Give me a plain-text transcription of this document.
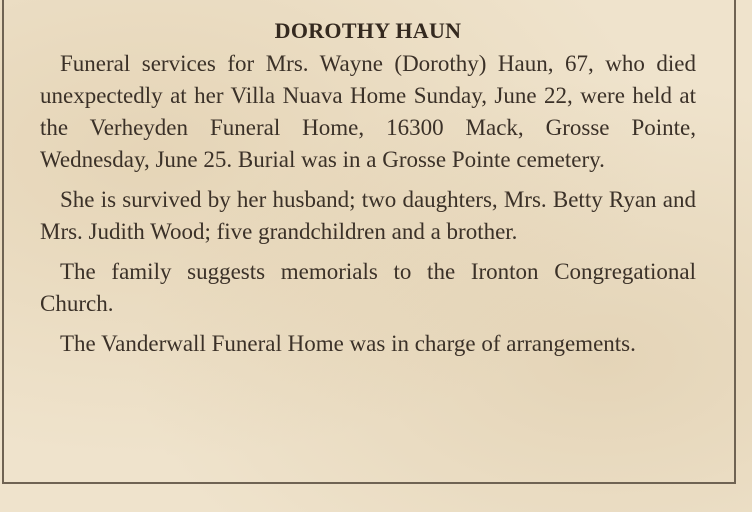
DOROTHY HAUN

Funeral services for Mrs. Wayne (Dorothy) Haun, 67, who died unexpectedly at her Villa Nuava Home Sunday, June 22, were held at the Verheyden Funeral Home, 16300 Mack, Grosse Pointe, Wednesday, June 25. Burial was in a Grosse Pointe cemetery.

She is survived by her husband; two daughters, Mrs. Betty Ryan and Mrs. Judith Wood; five grandchildren and a brother.

The family suggests memorials to the Ironton Congregational Church.

The Vanderwall Funeral Home was in charge of arrangements.
